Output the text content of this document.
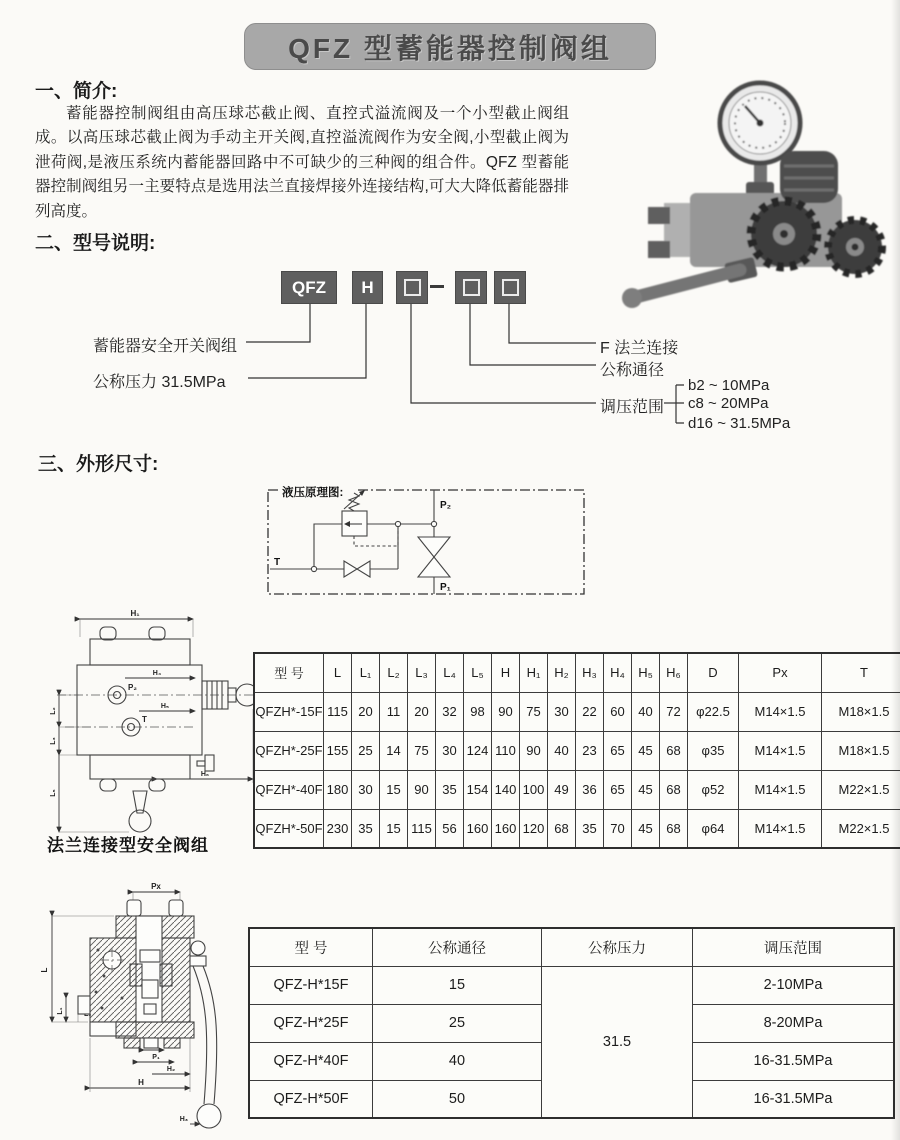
QFZ 型蓄能器控制阀组
一、简介:

蓄能器控制阀组由高压球芯截止阀、直控式溢流阀及一个小型截止阀组成。以高压球芯截止阀为手动主开关阀,直控溢流阀作为安全阀,小型截止阀为泄荷阀,是液压系统内蓄能器回路中不可缺少的三种阀的组合件。QFZ 型蓄能器控制阀组另一主要特点是选用法兰直接焊接外连接结构,可大大降低蓄能器排列高度。

二、型号说明:
QFZ	H
蓄能器安全开关阀组
公称压力 31.5MPa
F 法兰连接
公称通径
调压范围
b2 ~ 10MPa
c8 ~ 20MPa
d16 ~ 31.5MPa
三、外形尺寸:
液压原理图:
P₂
P₁
T
H₁
H₄
H₅
H₆
L₂
L₃
L₅
P₂
T
法兰连接型安全阀组
型 号	L	L₁	L₂	L₃	L₄	L₅	H	H₁	H₂	H₃	H₄	H₅	H₆	D	Px	T
QFZH*-15F	115	20	11	20	32	98	90	75	30	22	60	40	72	φ22.5	M14×1.5	M18×1.5
QFZH*-25F	155	25	14	75	30	124	110	90	40	23	65	45	68	φ35	M14×1.5	M18×1.5
QFZH*-40F	180	30	15	90	35	154	140	100	49	36	65	45	68	φ52	M14×1.5	M22×1.5
QFZH*-50F	230	35	15	115	56	160	160	120	68	35	70	45	68	φ64	M14×1.5	M22×1.5
Px
L
L₁
P₁
H₂
H
H₃
型 号	公称通径	公称压力	调压范围
QFZ-H*15F	15	31.5	2-10MPa
QFZ-H*25F	25		8-20MPa
QFZ-H*40F	40		16-31.5MPa
QFZ-H*50F	50		16-31.5MPa
